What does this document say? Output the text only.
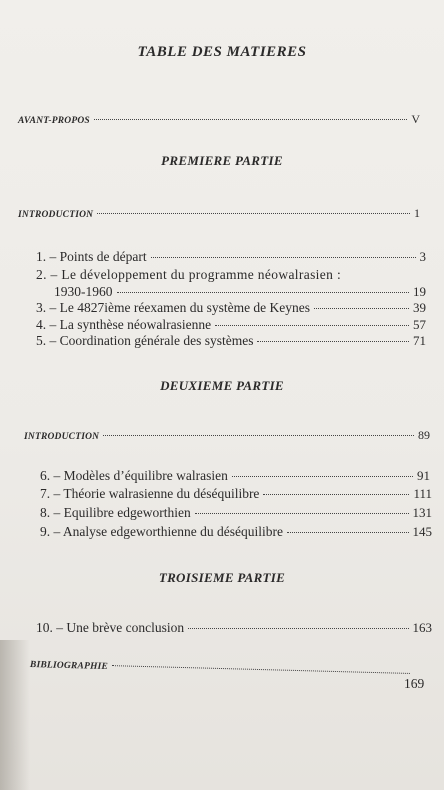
TABLE DES MATIERES
AVANT-PROPOS	V
PREMIERE PARTIE
INTRODUCTION	1
1. – Points de départ	3
2. – Le développement du programme néowalrasien :
1930-1960	19
3. – Le 4827ième réexamen du système de Keynes	39
4. – La synthèse néowalrasienne	57
5. – Coordination générale des systèmes	71
DEUXIEME PARTIE
INTRODUCTION	89
6. – Modèles d’équilibre walrasien	91
7. – Théorie walrasienne du déséquilibre	111
8. – Equilibre edgeworthien	131
9. – Analyse edgeworthienne du déséquilibre	145
TROISIEME PARTIE
10. – Une brève conclusion	163
BIBLIOGRAPHIE
169
